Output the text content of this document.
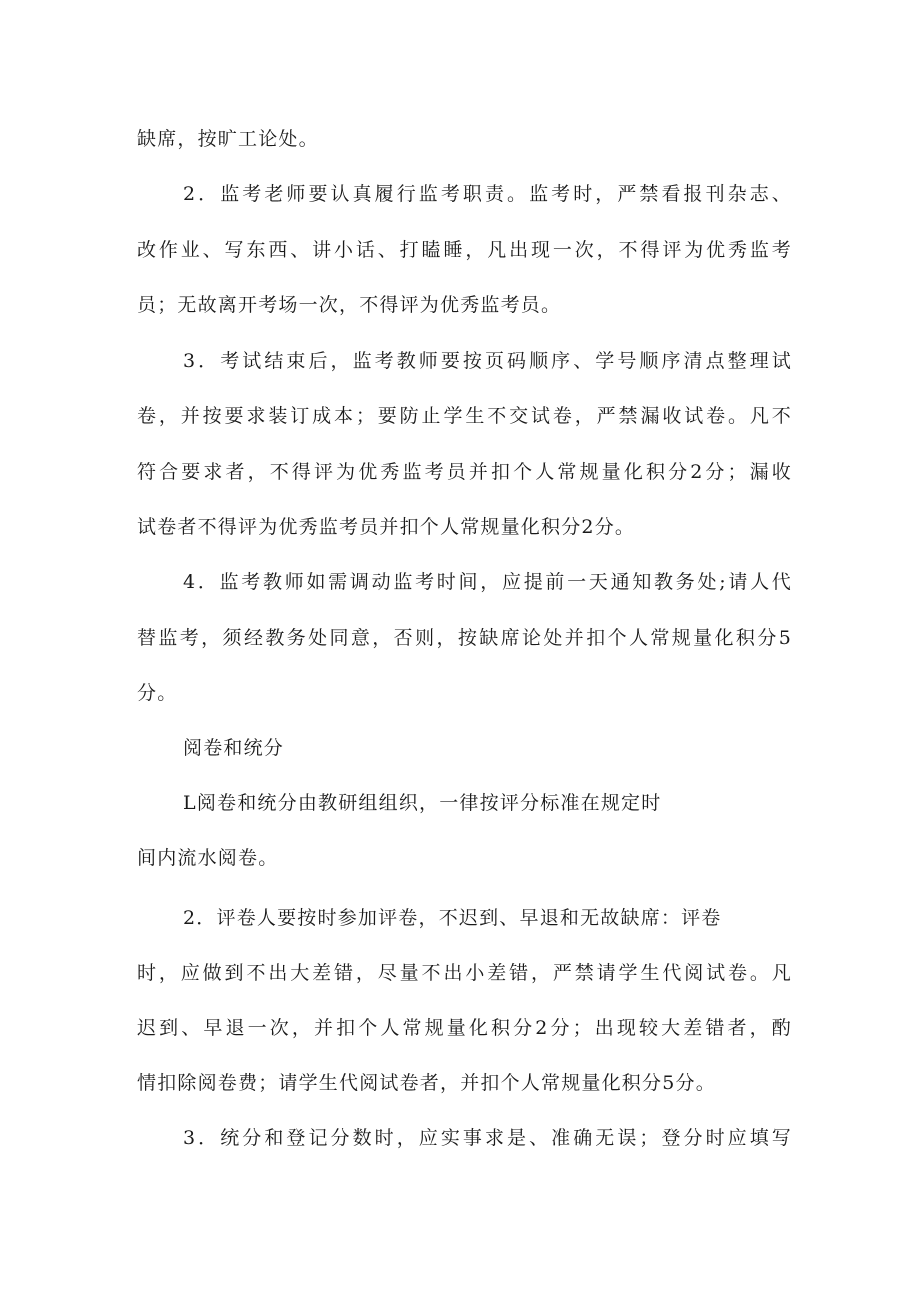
缺席，按旷工论处。
2．监考老师要认真履行监考职责。监考时，严禁看报刊杂志、
改作业、写东西、讲小话、打瞌睡，凡出现一次，不得评为优秀监考
员；无故离开考场一次，不得评为优秀监考员。
3．考试结束后，监考教师要按页码顺序、学号顺序清点整理试
卷，并按要求装订成本；要防止学生不交试卷，严禁漏收试卷。凡不
符合要求者，不得评为优秀监考员并扣个人常规量化积分2分；漏收
试卷者不得评为优秀监考员并扣个人常规量化积分2分。
4．监考教师如需调动监考时间，应提前一天通知教务处;请人代
替监考，须经教务处同意，否则，按缺席论处并扣个人常规量化积分5
分。
阅卷和统分
L阅卷和统分由教研组组织，一律按评分标准在规定时
间内流水阅卷。
2．评卷人要按时参加评卷，不迟到、早退和无故缺席：评卷
时，应做到不出大差错，尽量不出小差错，严禁请学生代阅试卷。凡
迟到、早退一次，并扣个人常规量化积分2分；出现较大差错者，酌
情扣除阅卷费；请学生代阅试卷者，并扣个人常规量化积分5分。
3．统分和登记分数时，应实事求是、准确无误；登分时应填写
